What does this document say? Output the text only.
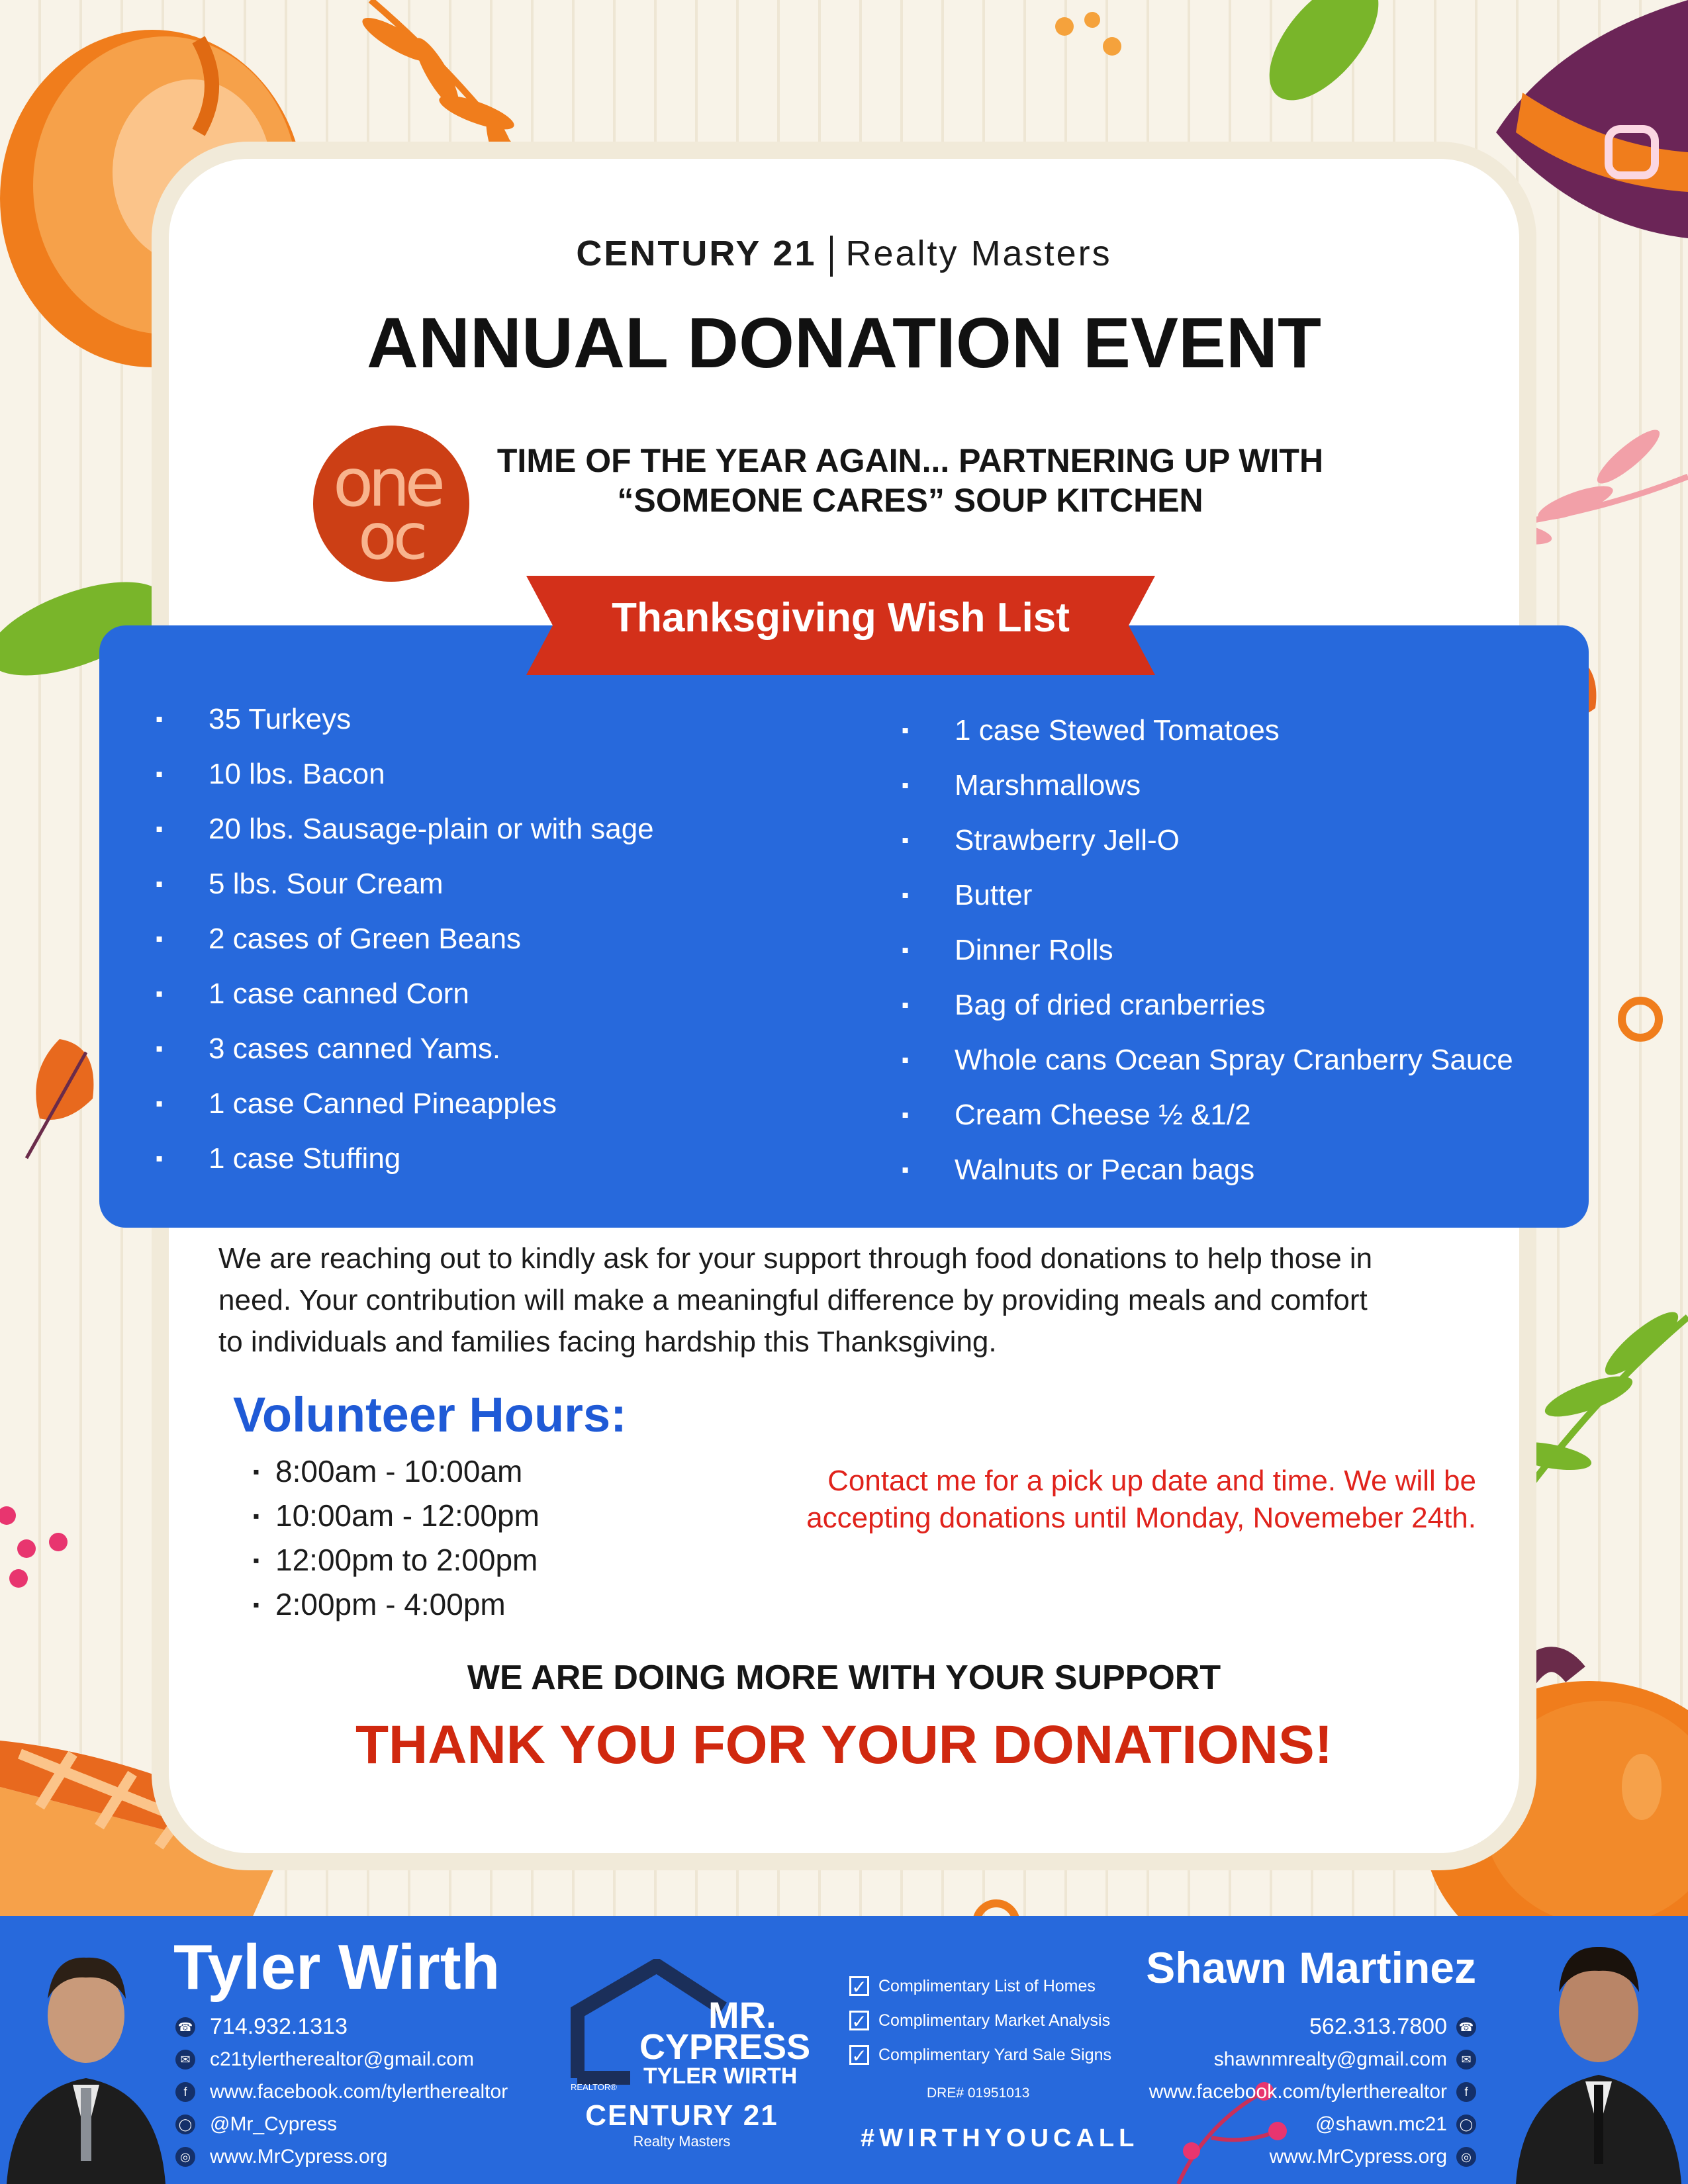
CENTURY 21 Realty Masters
ANNUAL DONATION EVENT
one
oc
TIME OF THE YEAR AGAIN... PARTNERING UP WITH
“SOMEONE CARES” SOUP KITCHEN
Thanksgiving Wish List
▪ 35 Turkeys
▪ 10 lbs. Bacon
▪ 20 lbs. Sausage-plain or with sage
▪ 5 lbs. Sour Cream
▪ 2 cases of Green Beans
▪ 1 case canned Corn
▪ 3 cases canned Yams.
▪ 1 case Canned Pineapples
▪ 1 case Stuffing
▪ 1 case Stewed Tomatoes
▪ Marshmallows
▪ Strawberry Jell-O
▪ Butter
▪ Dinner Rolls
▪ Bag of dried cranberries
▪ Whole cans Ocean Spray Cranberry Sauce
▪ Cream Cheese ½ &1/2
▪ Walnuts or Pecan bags
We are reaching out to kindly ask for your support through food donations to help those in
need. Your contribution will make a meaningful difference by providing meals and comfort
to individuals and families facing hardship this Thanksgiving.
Volunteer Hours:
▪ 8:00am - 10:00am
▪ 10:00am - 12:00pm
▪ 12:00pm to 2:00pm
▪ 2:00pm - 4:00pm
Contact me for a pick up date and time. We will be
accepting donations until Monday, Novemeber 24th.
WE ARE DOING MORE WITH YOUR SUPPORT
THANK YOU FOR YOUR DONATIONS!
Tyler Wirth
☎ 714.932.1313
✉ c21tylertherealtor@gmail.com
f	www.facebook.com/tylertherealtor
◯ @Mr_Cypress
◎ www.MrCypress.org
MR.
CYPRESS
TYLER WIRTH
REALTOR®
CENTURY 21
Realty Masters
✓ Complimentary List of Homes
✓ Complimentary Market Analysis
✓ Complimentary Yard Sale Signs
DRE# 01951013
#WIRTHYOUCALL
Shawn Martinez
562.313.7800 ☎
shawnmrealty@gmail.com	✉
www.facebook.com/tylertherealtor	f
@shawn.mc21 ◯
www.MrCypress.org	◎
